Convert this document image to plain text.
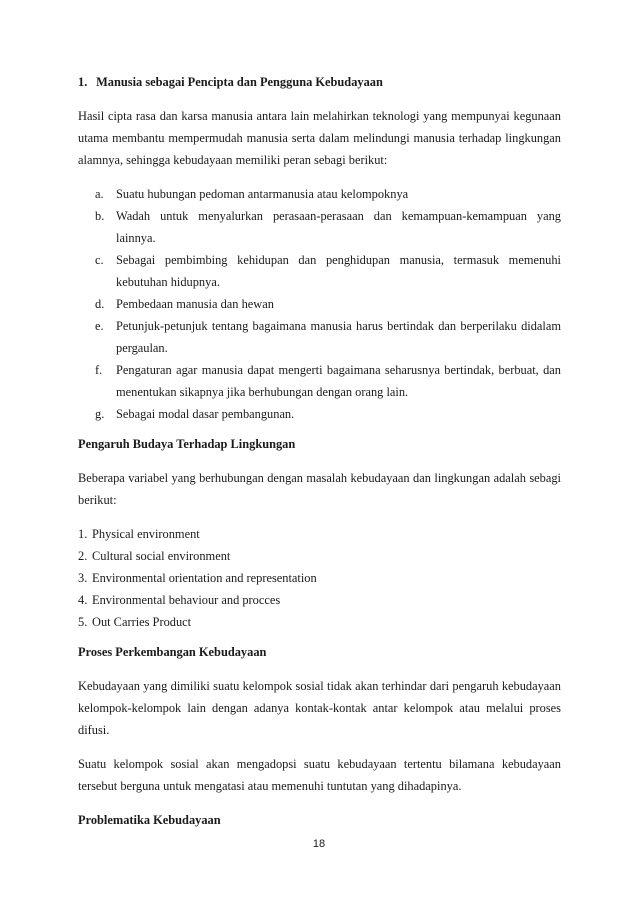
1. Manusia sebagai Pencipta dan Pengguna Kebudayaan

Hasil cipta rasa dan karsa manusia antara lain melahirkan teknologi yang mempunyai kegunaan utama membantu mempermudah manusia serta dalam melindungi manusia terhadap lingkungan alamnya, sehingga kebudayaan memiliki peran sebagi berikut:

a. Suatu hubungan pedoman antarmanusia atau kelompoknya
b. Wadah untuk menyalurkan perasaan-perasaan dan kemampuan-kemampuan yang lainnya.
c. Sebagai pembimbing kehidupan dan penghidupan manusia, termasuk memenuhi kebutuhan hidupnya.
d. Pembedaan manusia dan hewan
e. Petunjuk-petunjuk tentang bagaimana manusia harus bertindak dan berperilaku didalam pergaulan.
f.	Pengaturan agar manusia dapat mengerti bagaimana seharusnya bertindak, berbuat, dan menentukan sikapnya jika berhubungan dengan orang lain.
g. Sebagai modal dasar pembangunan.
Pengaruh Budaya Terhadap Lingkungan

Beberapa variabel yang berhubungan dengan masalah kebudayaan dan lingkungan adalah sebagi berikut:

1. Physical environment
2. Cultural social environment
3. Environmental orientation and representation
4. Environmental behaviour and procces
5. Out Carries Product
Proses Perkembangan Kebudayaan

Kebudayaan yang dimiliki suatu kelompok sosial tidak akan terhindar dari pengaruh kebudayaan kelompok-kelompok lain dengan adanya kontak-kontak antar kelompok atau melalui proses difusi.

Suatu kelompok sosial akan mengadopsi suatu kebudayaan tertentu bilamana kebudayaan tersebut berguna untuk mengatasi atau memenuhi tuntutan yang dihadapinya.

Problematika Kebudayaan
18
